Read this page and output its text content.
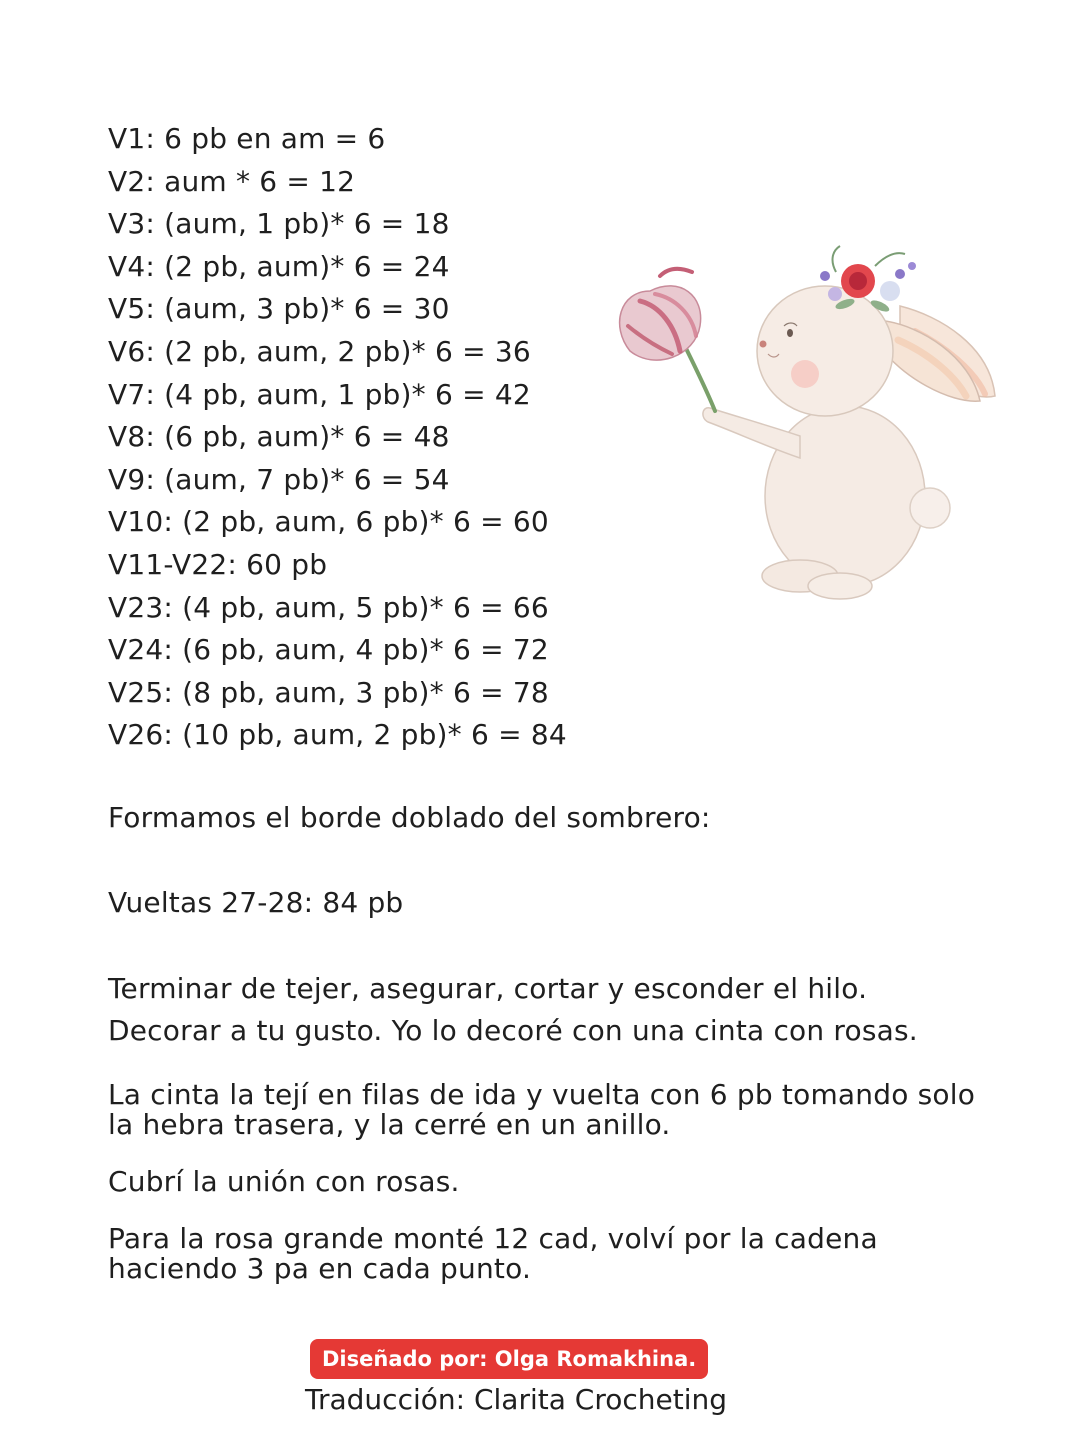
V1: 6 pb en am = 6
V2: aum * 6 = 12
V3: (aum, 1 pb)* 6 = 18
V4: (2 pb, aum)* 6 = 24
V5: (aum, 3 pb)* 6 = 30
V6: (2 pb, aum, 2 pb)* 6 = 36
V7: (4 pb, aum, 1 pb)* 6 = 42
V8: (6 pb, aum)* 6 = 48
V9: (aum, 7 pb)* 6 = 54
V10: (2 pb, aum, 6 pb)* 6 = 60
V11-V22: 60 pb
V23: (4 pb, aum, 5 pb)* 6 = 66
V24: (6 pb, aum, 4 pb)* 6 = 72
V25: (8 pb, aum, 3 pb)* 6 = 78
V26: (10 pb, aum, 2 pb)* 6 = 84

Formamos el borde doblado del sombrero:

Vueltas 27-28: 84 pb

Terminar de tejer, asegurar, cortar y esconder el hilo. Decorar a tu gusto. Yo lo decoré con una cinta con rosas.

La cinta la tejí en filas de ida y vuelta con 6 pb tomando solo la hebra trasera, y la cerré en un anillo.

Cubrí la unión con rosas.

Para la rosa grande monté 12 cad, volví por la cadena haciendo 3 pa en cada punto.

Diseñado por: Olga Romakhina.
Traducción: Clarita Crocheting
